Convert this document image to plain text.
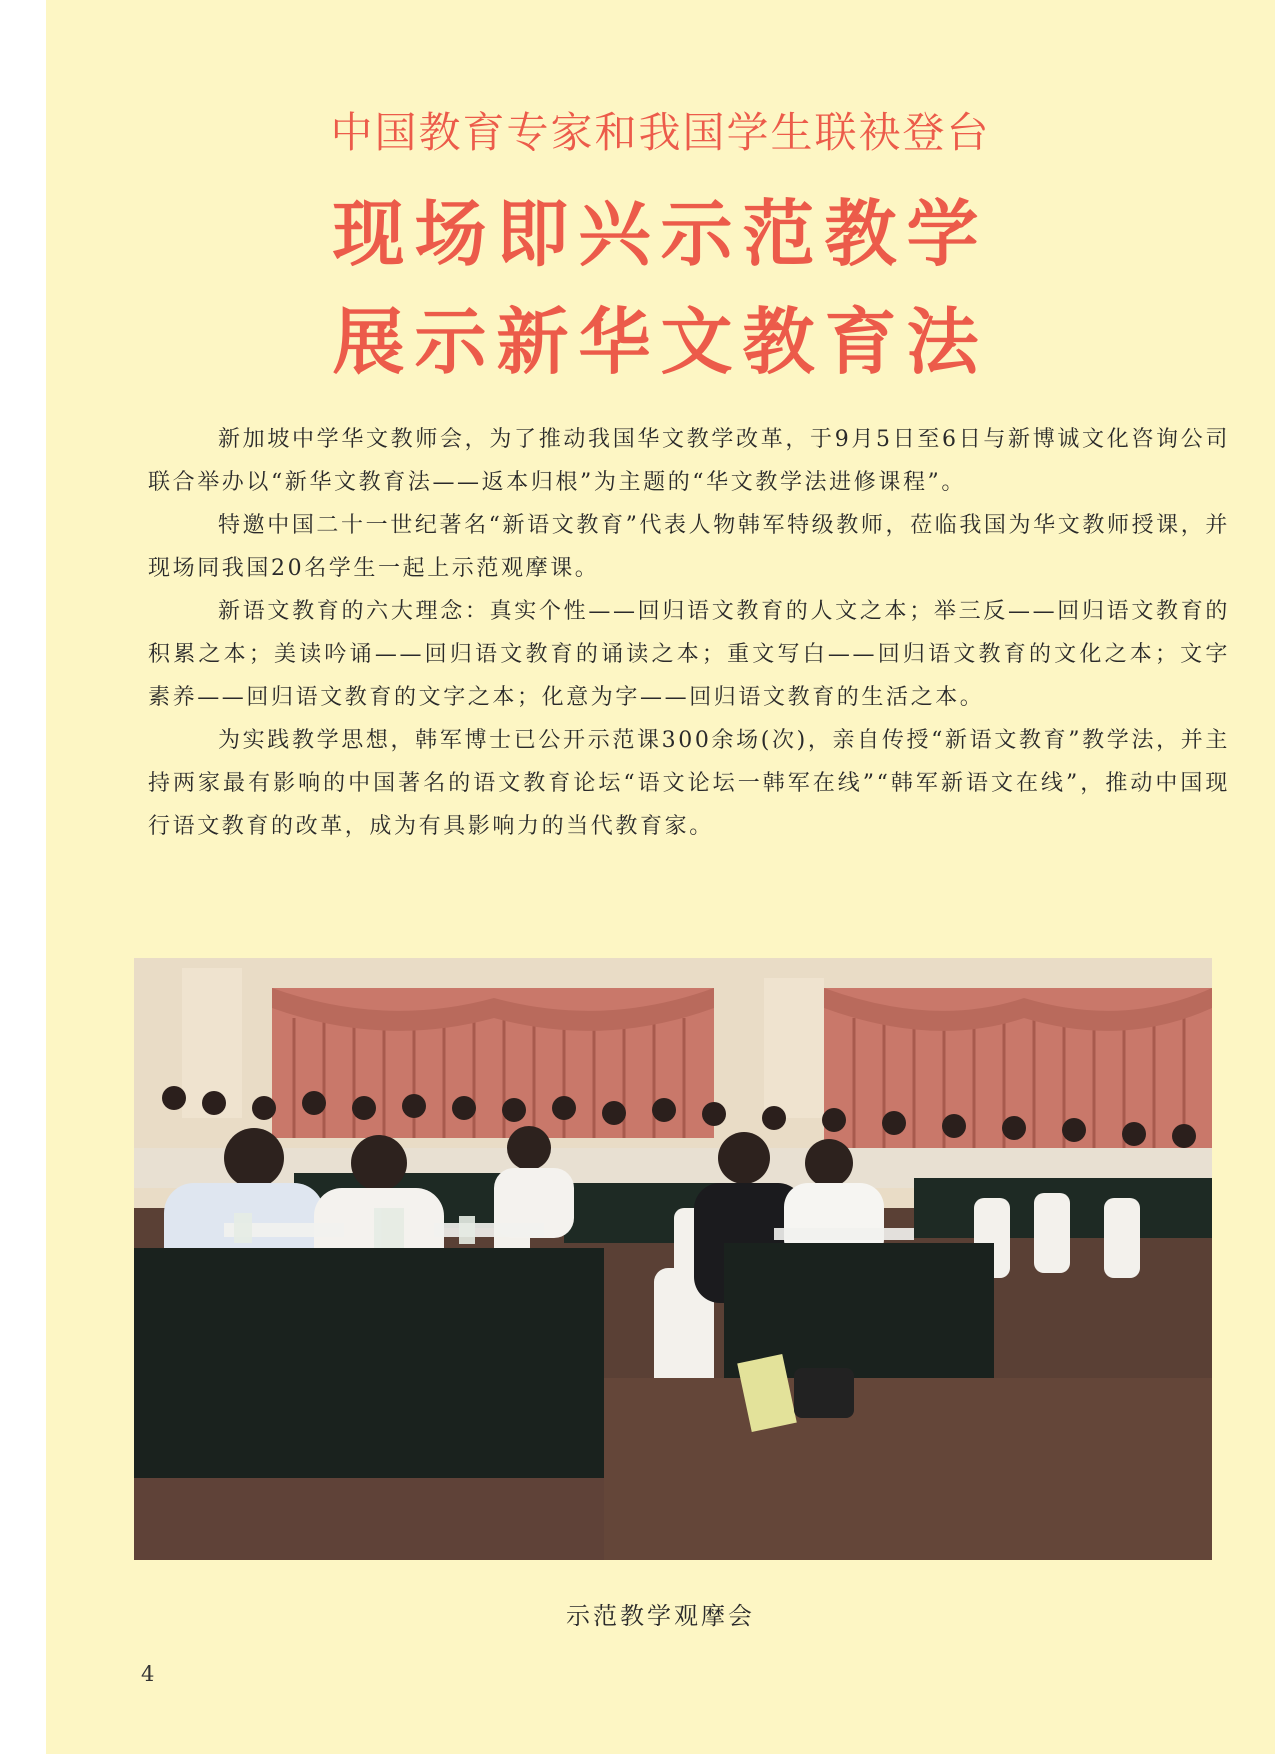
中国教育专家和我国学生联袂登台
现场即兴示范教学
展示新华文教育法

新加坡中学华文教师会，为了推动我国华文教学改革，于9月5日至6日与新博诚文化咨询公司联合举办以“新华文教育法——返本归根”为主题的“华文教学法进修课程”。

特邀中国二十一世纪著名“新语文教育”代表人物韩军特级教师，莅临我国为华文教师授课，并现场同我国20名学生一起上示范观摩课。

新语文教育的六大理念：真实个性——回归语文教育的人文之本；举三反——回归语文教育的积累之本；美读吟诵——回归语文教育的诵读之本；重文写白——回归语文教育的文化之本；文字素养——回归语文教育的文字之本；化意为字——回归语文教育的生活之本。

为实践教学思想，韩军博士已公开示范课300余场(次)，亲自传授“新语文教育”教学法，并主持两家最有影响的中国著名的语文教育论坛“语文论坛一韩军在线”“韩军新语文在线”，推动中国现行语文教育的改革，成为有具影响力的当代教育家。

示范教学观摩会
4
